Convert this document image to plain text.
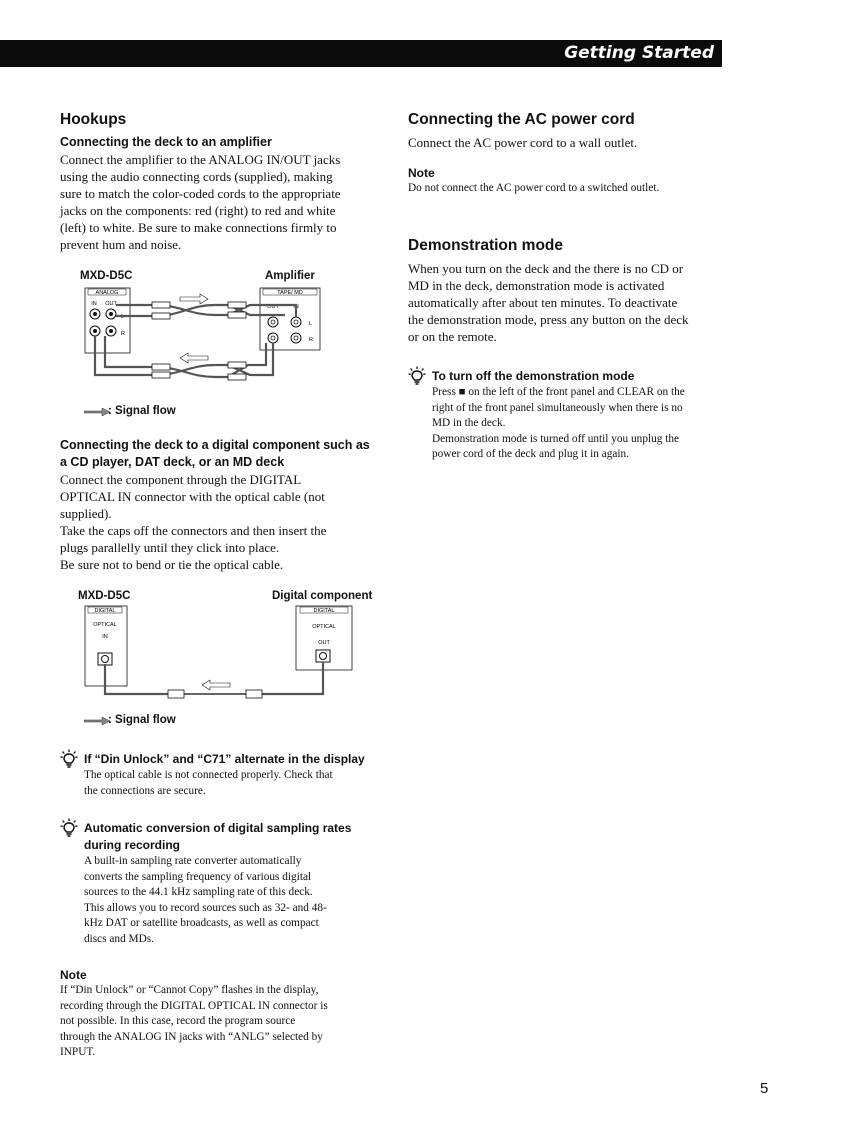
Getting Started

Hookups

Connecting the deck to an amplifier

Connect the amplifier to the ANALOG IN/OUT jacks
using the audio connecting cords (supplied), making
sure to match the color-coded cords to the appropriate
jacks on the components: red (right) to red and white
(left) to white. Be sure to make connections firmly to
prevent hum and noise.

MXD-D5C	Amplifier
ANALOG
IN OUT
L
R
TAPE/ MD
OUT	IN
L
R
: Signal flow

Connecting the deck to a digital component such as
a CD player, DAT deck, or an MD deck

Connect the component through the DIGITAL
OPTICAL IN connector with the optical cable (not
supplied).
Take the caps off the connectors and then insert the
plugs parallelly until they click into place.
Be sure not to bend or tie the optical cable.

MXD-D5C	Digital component
DIGITAL
OPTICAL
IN
DIGITAL
OPTICAL
OUT
: Signal flow

If “Din Unlock” and “C71” alternate in the display

The optical cable is not connected properly. Check that
the connections are secure.

Automatic conversion of digital sampling rates
during recording

A built-in sampling rate converter automatically
converts the sampling frequency of various digital
sources to the 44.1 kHz sampling rate of this deck.
This allows you to record sources such as 32- and 48-
kHz DAT or satellite broadcasts, as well as compact
discs and MDs.

Note

If “Din Unlock” or “Cannot Copy” flashes in the display,
recording through the DIGITAL OPTICAL IN connector is
not possible. In this case, record the program source
through the ANALOG IN jacks with “ANLG” selected by
INPUT.

Connecting the AC power cord

Connect the AC power cord to a wall outlet.

Note

Do not connect the AC power cord to a switched outlet.

Demonstration mode

When you turn on the deck and the there is no CD or
MD in the deck, demonstration mode is activated
automatically after about ten minutes. To deactivate
the demonstration mode, press any button on the deck
or on the remote.

To turn off the demonstration mode

Press ■ on the left of the front panel and CLEAR on the
right of the front panel simultaneously when there is no
MD in the deck.
Demonstration mode is turned off until you unplug the
power cord of the deck and plug it in again.

5
